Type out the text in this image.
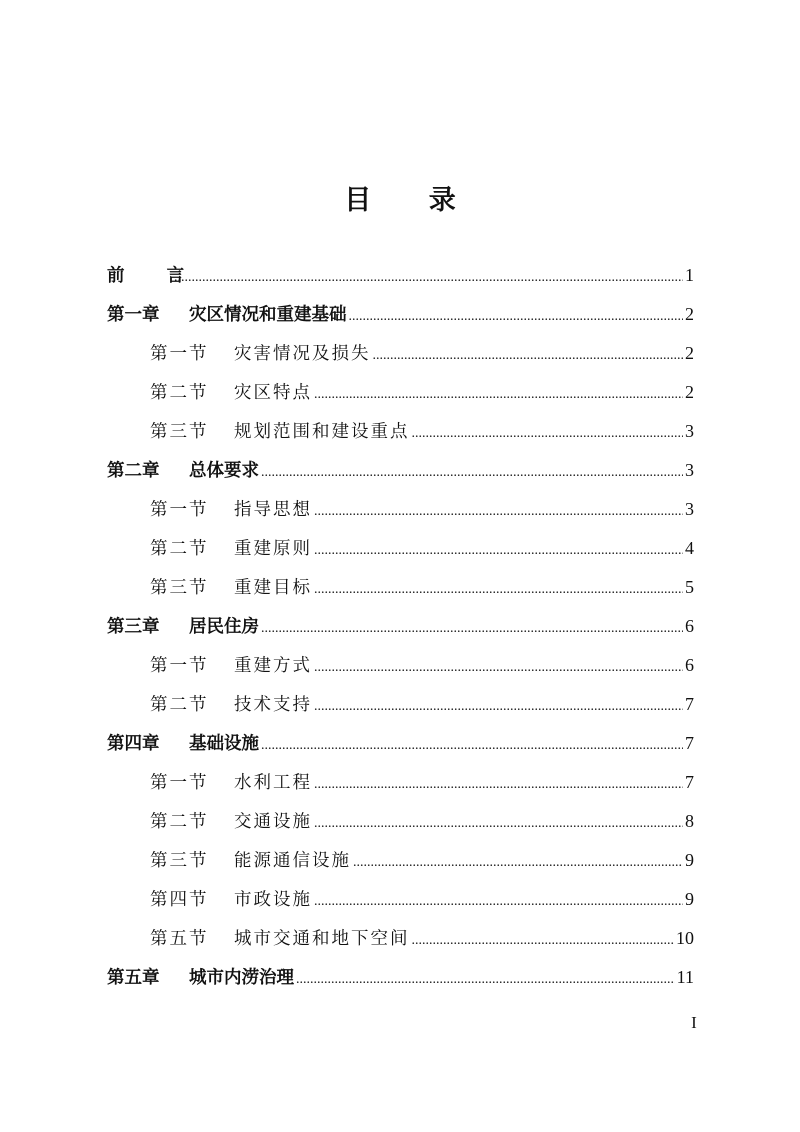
目 录
前 言 .....	1
第一章	灾区情况和重建基础 .....	2
第一节	灾害情况及损失 .....	2
第二节	灾区特点 .....	2
第三节	规划范围和建设重点 .....	3
第二章	总体要求 .....	3
第一节	指导思想 .....	3
第二节	重建原则 .....	4
第三节	重建目标 .....	5
第三章	居民住房 .....	6
第一节	重建方式 .....	6
第二节	技术支持 .....	7
第四章	基础设施 .....	7
第一节	水利工程 .....	7
第二节	交通设施 .....	8
第三节	能源通信设施 .....	9
第四节	市政设施 .....	9
第五节	城市交通和地下空间 .....	10
第五章	城市内涝治理 .....	11
I
